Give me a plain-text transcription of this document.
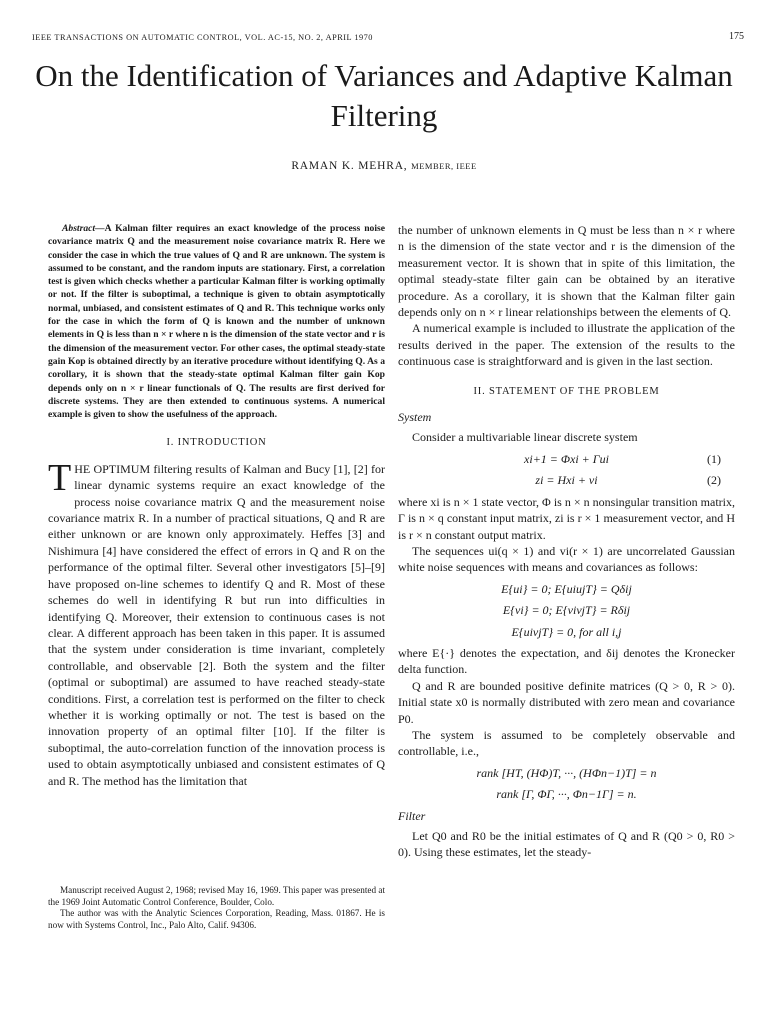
IEEE TRANSACTIONS ON AUTOMATIC CONTROL, VOL. AC-15, NO. 2, APRIL 1970	175
On the Identification of Variances and Adaptive Kalman Filtering
RAMAN K. MEHRA, MEMBER, IEEE

Abstract—A Kalman filter requires an exact knowledge of the process noise covariance matrix Q and the measurement noise covariance matrix R. Here we consider the case in which the true values of Q and R are unknown. The system is assumed to be constant, and the random inputs are stationary. First, a correlation test is given which checks whether a particular Kalman filter is working optimally or not. If the filter is suboptimal, a technique is given to obtain asymptotically normal, unbiased, and consistent estimates of Q and R. This technique works only for the case in which the form of Q is known and the number of unknown elements in Q is less than n × r where n is the dimension of the state vector and r is the dimension of the measurement vector. For other cases, the optimal steady-state gain Kop is obtained directly by an iterative procedure without identifying Q. As a corollary, it is shown that the steady-state optimal Kalman filter gain Kop depends only on n × r linear functionals of Q. The results are first derived for discrete systems. They are then extended to continuous systems. A numerical example is given to show the usefulness of the approach.

I. INTRODUCTION

THE OPTIMUM filtering results of Kalman and Bucy [1], [2] for linear dynamic systems require an exact knowledge of the process noise covariance matrix Q and the measurement noise covariance matrix R. In a number of practical situations, Q and R are either unknown or are known only approximately. Heffes [3] and Nishimura [4] have considered the effect of errors in Q and R on the performance of the optimal filter. Several other investigators [5]–[9] have proposed on-line schemes to identify Q and R. Most of these schemes do well in identifying R but run into difficulties in identifying Q. Moreover, their extension to continuous cases is not clear. A different approach has been taken in this paper. It is assumed that the system under consideration is time invariant, completely controllable, and observable [2]. Both the system and the filter (optimal or suboptimal) are assumed to have reached steady-state conditions. First, a correlation test is performed on the filter to check whether it is working optimally or not. The test is based on the innovation property of an optimal filter [10]. If the filter is suboptimal, the auto-correlation function of the innovation process is used to obtain asymptotically unbiased and consistent estimates of Q and R. The method has the limitation that

Manuscript received August 2, 1968; revised May 16, 1969. This paper was presented at the 1969 Joint Automatic Control Conference, Boulder, Colo.

The author was with the Analytic Sciences Corporation, Reading, Mass. 01867. He is now with Systems Control, Inc., Palo Alto, Calif. 94306.

the number of unknown elements in Q must be less than n × r where n is the dimension of the state vector and r is the dimension of the measurement vector. It is shown that in spite of this limitation, the optimal steady-state filter gain can be obtained by an iterative procedure. As a corollary, it is shown that the Kalman filter gain depends only on n × r linear relationships between the elements of Q.

A numerical example is included to illustrate the application of the results derived in the paper. The extension of the results to the continuous case is straightforward and is given in the last section.

II. STATEMENT OF THE PROBLEM
System

Consider a multivariable linear discrete system

xi+1 = Φxi + Γui	(1)
zi = Hxi + vi	(2)

where xi is n × 1 state vector, Φ is n × n nonsingular transition matrix, Γ is n × q constant input matrix, zi is r × 1 measurement vector, and H is r × n constant output matrix.

The sequences ui(q × 1) and vi(r × 1) are uncorrelated Gaussian white noise sequences with means and covariances as follows:

E{ui} = 0; E{uiujT} = Qδij
E{vi} = 0; E{vivjT} = Rδij
E{uivjT} = 0, for all i,j

where E{·} denotes the expectation, and δij denotes the Kronecker delta function.

Q and R are bounded positive definite matrices (Q > 0, R > 0). Initial state x0 is normally distributed with zero mean and covariance P0.

The system is assumed to be completely observable and controllable, i.e.,

rank [HT, (HΦ)T, ···, (HΦn−1)T] = n
rank [Γ, ΦΓ, ···, Φn−1Γ] = n.
Filter

Let Q0 and R0 be the initial estimates of Q and R (Q0 > 0, R0 > 0). Using these estimates, let the steady-
